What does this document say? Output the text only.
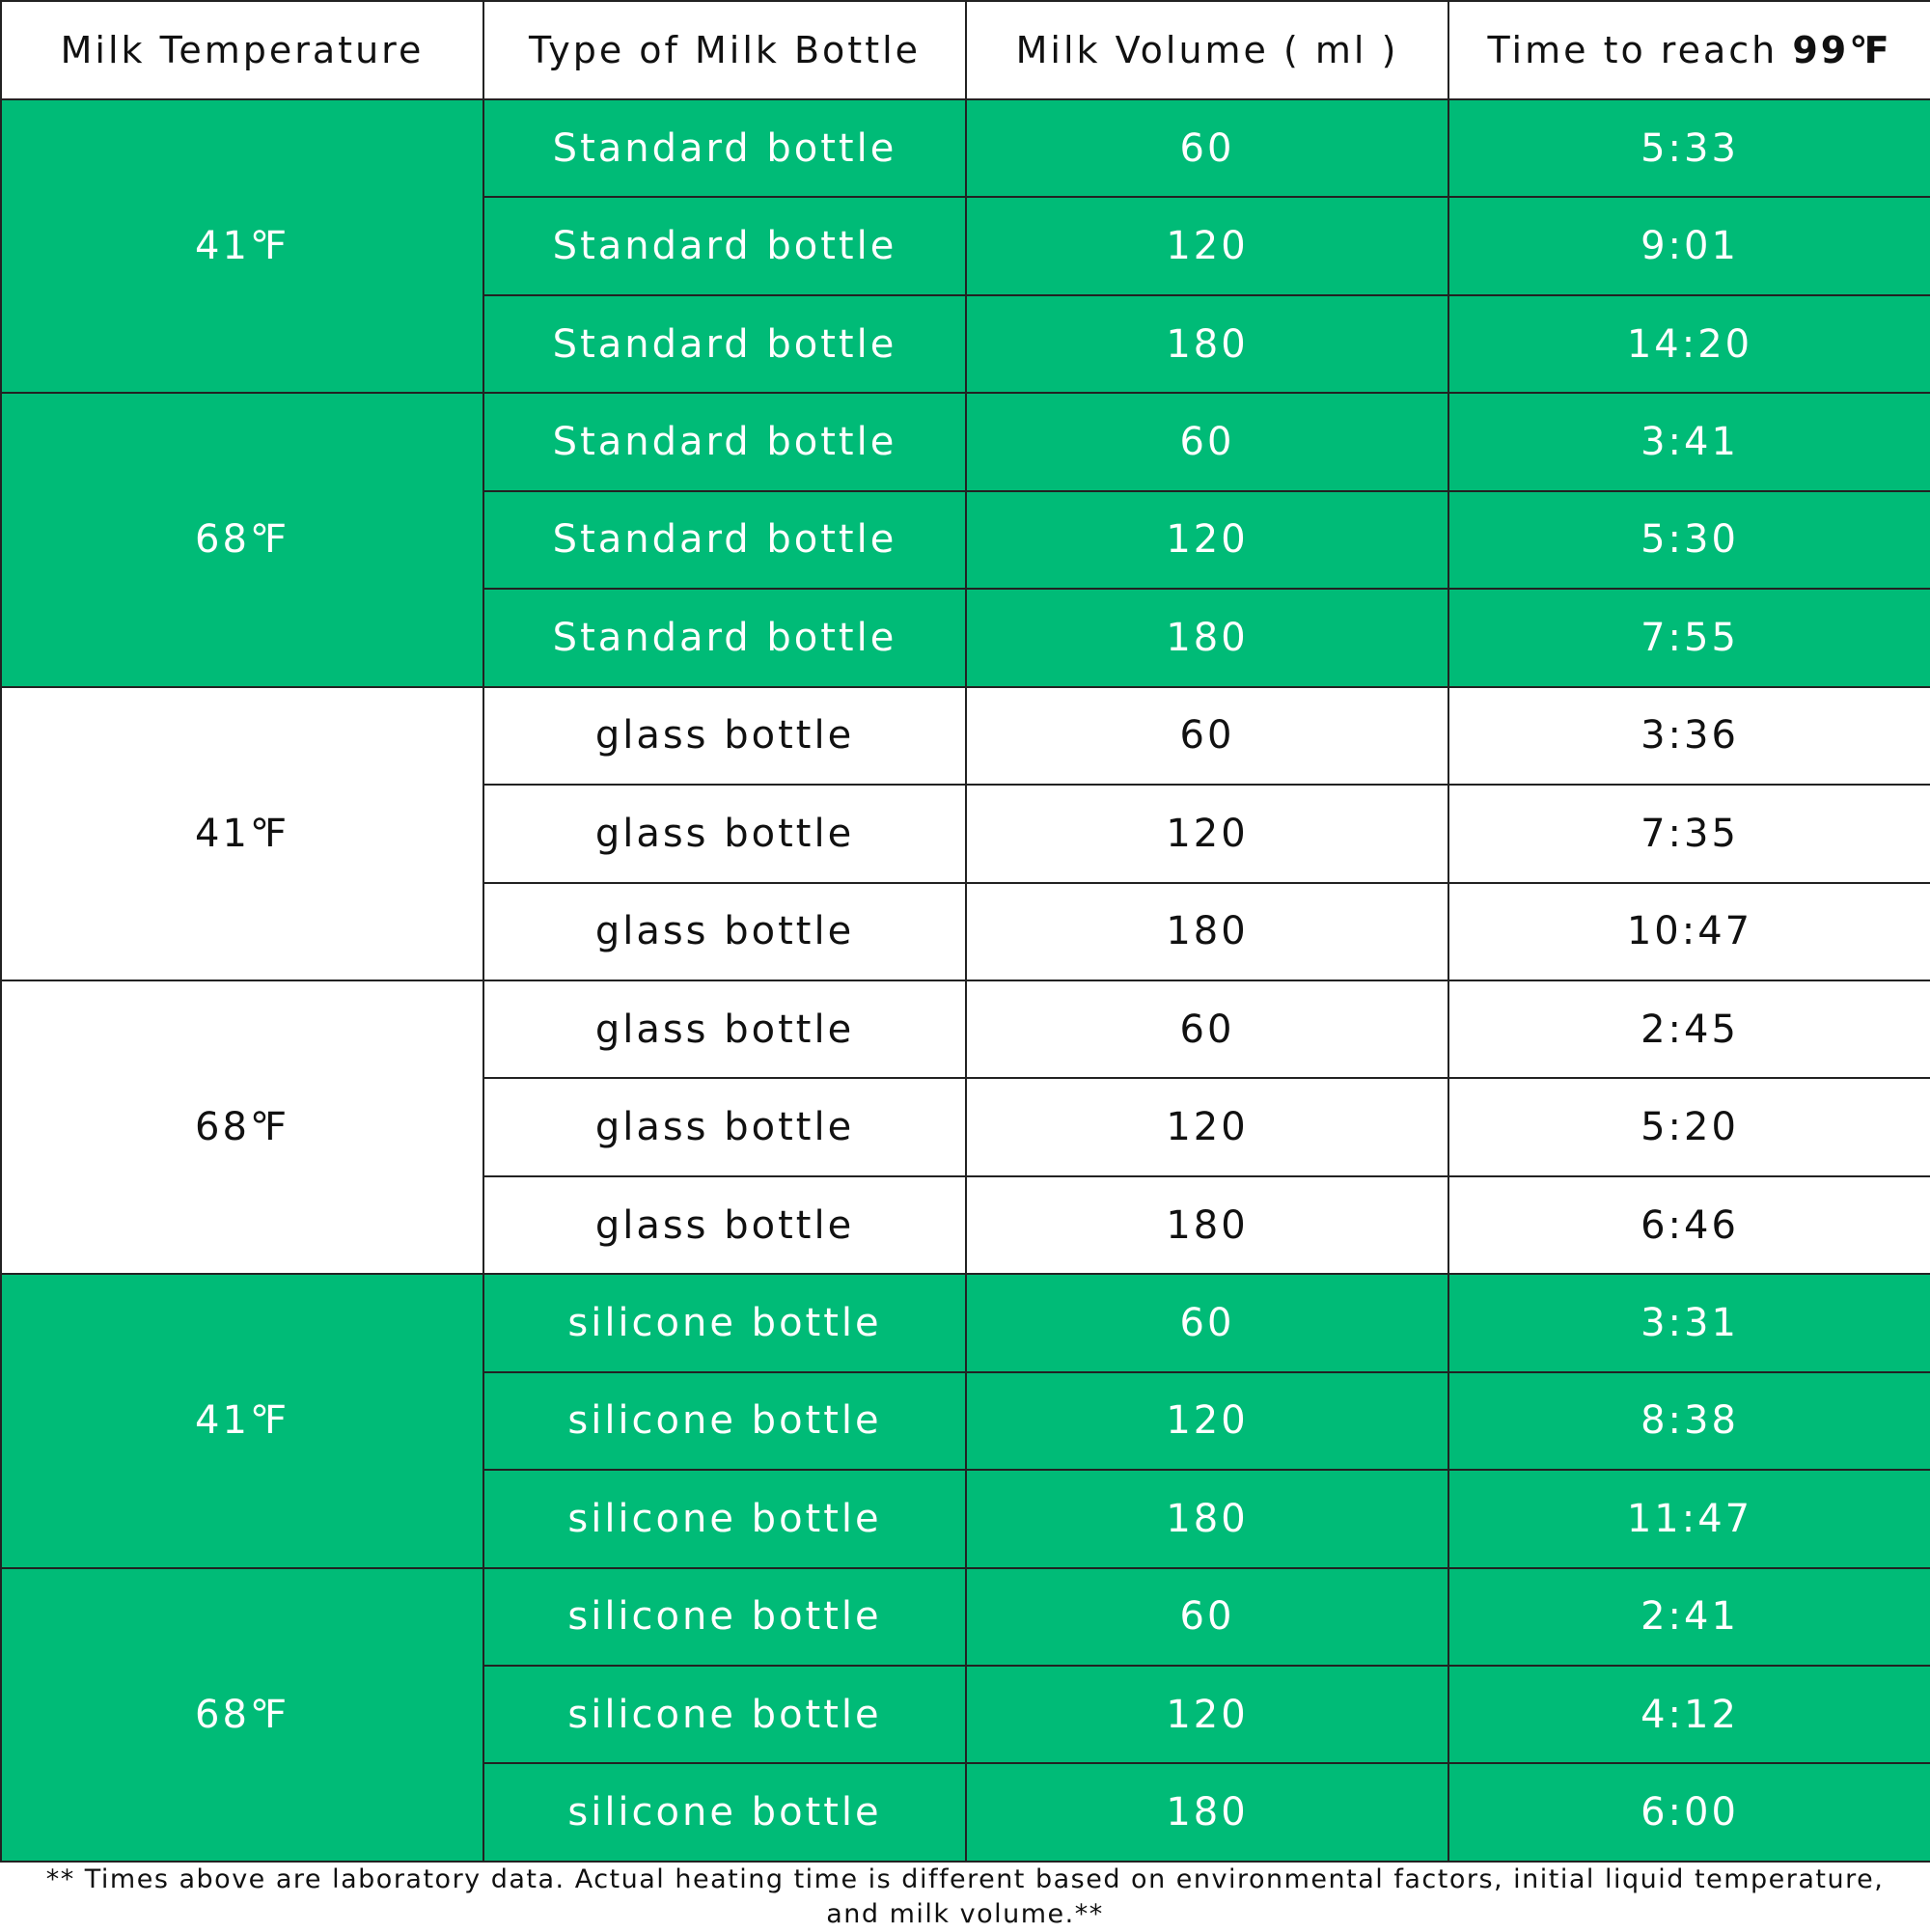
Milk Temperature	Type of Milk Bottle	Milk Volume ( ml )	Time to reach 99℉
41℉	Standard bottle	60	5:33
	Standard bottle	120	9:01
	Standard bottle	180	14:20
68℉	Standard bottle	60	3:41
	Standard bottle	120	5:30
	Standard bottle	180	7:55
41℉	glass bottle	60	3:36
	glass bottle	120	7:35
	glass bottle	180	10:47
68℉	glass bottle	60	2:45
	glass bottle	120	5:20
	glass bottle	180	6:46
41℉	silicone bottle	60	3:31
	silicone bottle	120	8:38
	silicone bottle	180	11:47
68℉	silicone bottle	60	2:41
	silicone bottle	120	4:12
	silicone bottle	180	6:00
** Times above are laboratory data. Actual heating time is different based on environmental factors, initial liquid temperature, and milk volume.**
